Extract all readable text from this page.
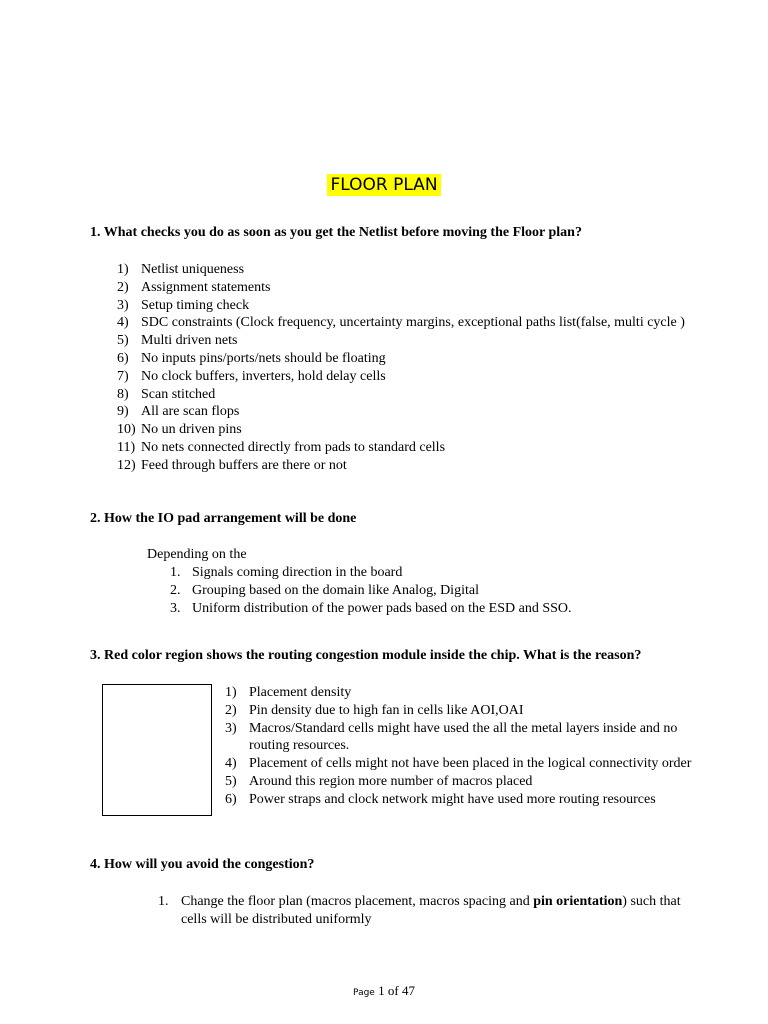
FLOOR PLAN
1. What checks you do as soon as you get the Netlist before moving the Floor plan?
1) Netlist uniqueness
2) Assignment statements
3) Setup timing check
4) SDC constraints (Clock frequency, uncertainty margins, exceptional paths list(false, multi cycle )
5) Multi driven nets
6) No inputs pins/ports/nets should be floating
7) No clock buffers, inverters, hold delay cells
8) Scan stitched
9) All are scan flops
10) No un driven pins
11) No nets connected directly from pads to standard cells
12) Feed through buffers are there or not
2. How the IO pad arrangement will be done
Depending on the
1. Signals coming direction in the board
2. Grouping based on the domain like Analog, Digital
3. Uniform distribution of the power pads based on the ESD and SSO.
3. Red color region shows the routing congestion module inside the chip. What is the reason?
1) Placement density
2) Pin density due to high fan in cells like AOI,OAI
3) Macros/Standard cells might have used the all the metal layers inside and no routing resources.
4) Placement of cells might not have been placed in the logical connectivity order
5) Around this region more number of macros placed
6) Power straps and clock network might have used more routing resources
4. How will you avoid the congestion?
1. Change the floor plan (macros placement, macros spacing and pin orientation) such that cells will be distributed uniformly
Page 1 of 47
